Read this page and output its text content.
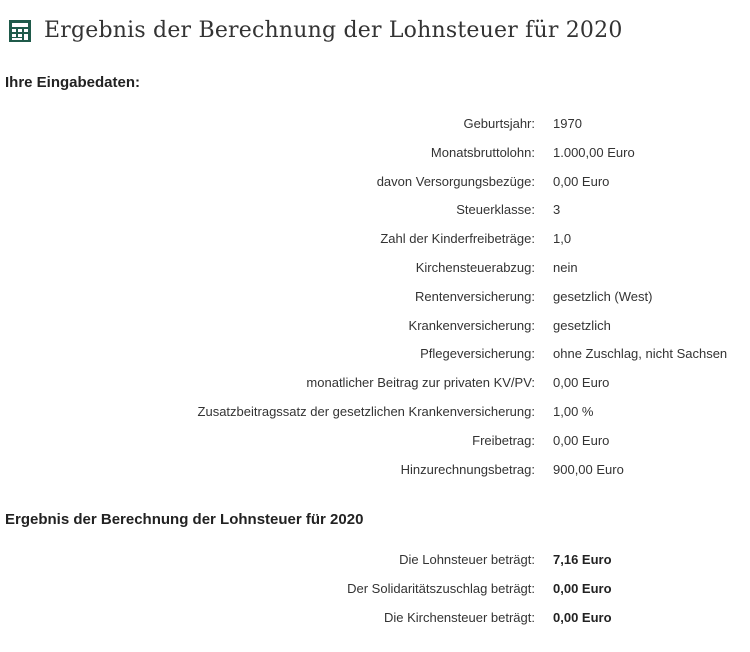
Ergebnis der Berechnung der Lohnsteuer für 2020
Ihre Eingabedaten:
Geburtsjahr: 1970
Monatsbruttolohn: 1.000,00 Euro
davon Versorgungsbezüge: 0,00 Euro
Steuerklasse: 3
Zahl der Kinderfreibeträge: 1,0
Kirchensteuerabzug: nein
Rentenversicherung: gesetzlich (West)
Krankenversicherung: gesetzlich
Pflegeversicherung: ohne Zuschlag, nicht Sachsen
monatlicher Beitrag zur privaten KV/PV: 0,00 Euro
Zusatzbeitragssatz der gesetzlichen Krankenversicherung: 1,00 %
Freibetrag: 0,00 Euro
Hinzurechnungsbetrag: 900,00 Euro
Ergebnis der Berechnung der Lohnsteuer für 2020
Die Lohnsteuer beträgt: 7,16 Euro
Der Solidaritätszuschlag beträgt: 0,00 Euro
Die Kirchensteuer beträgt: 0,00 Euro
